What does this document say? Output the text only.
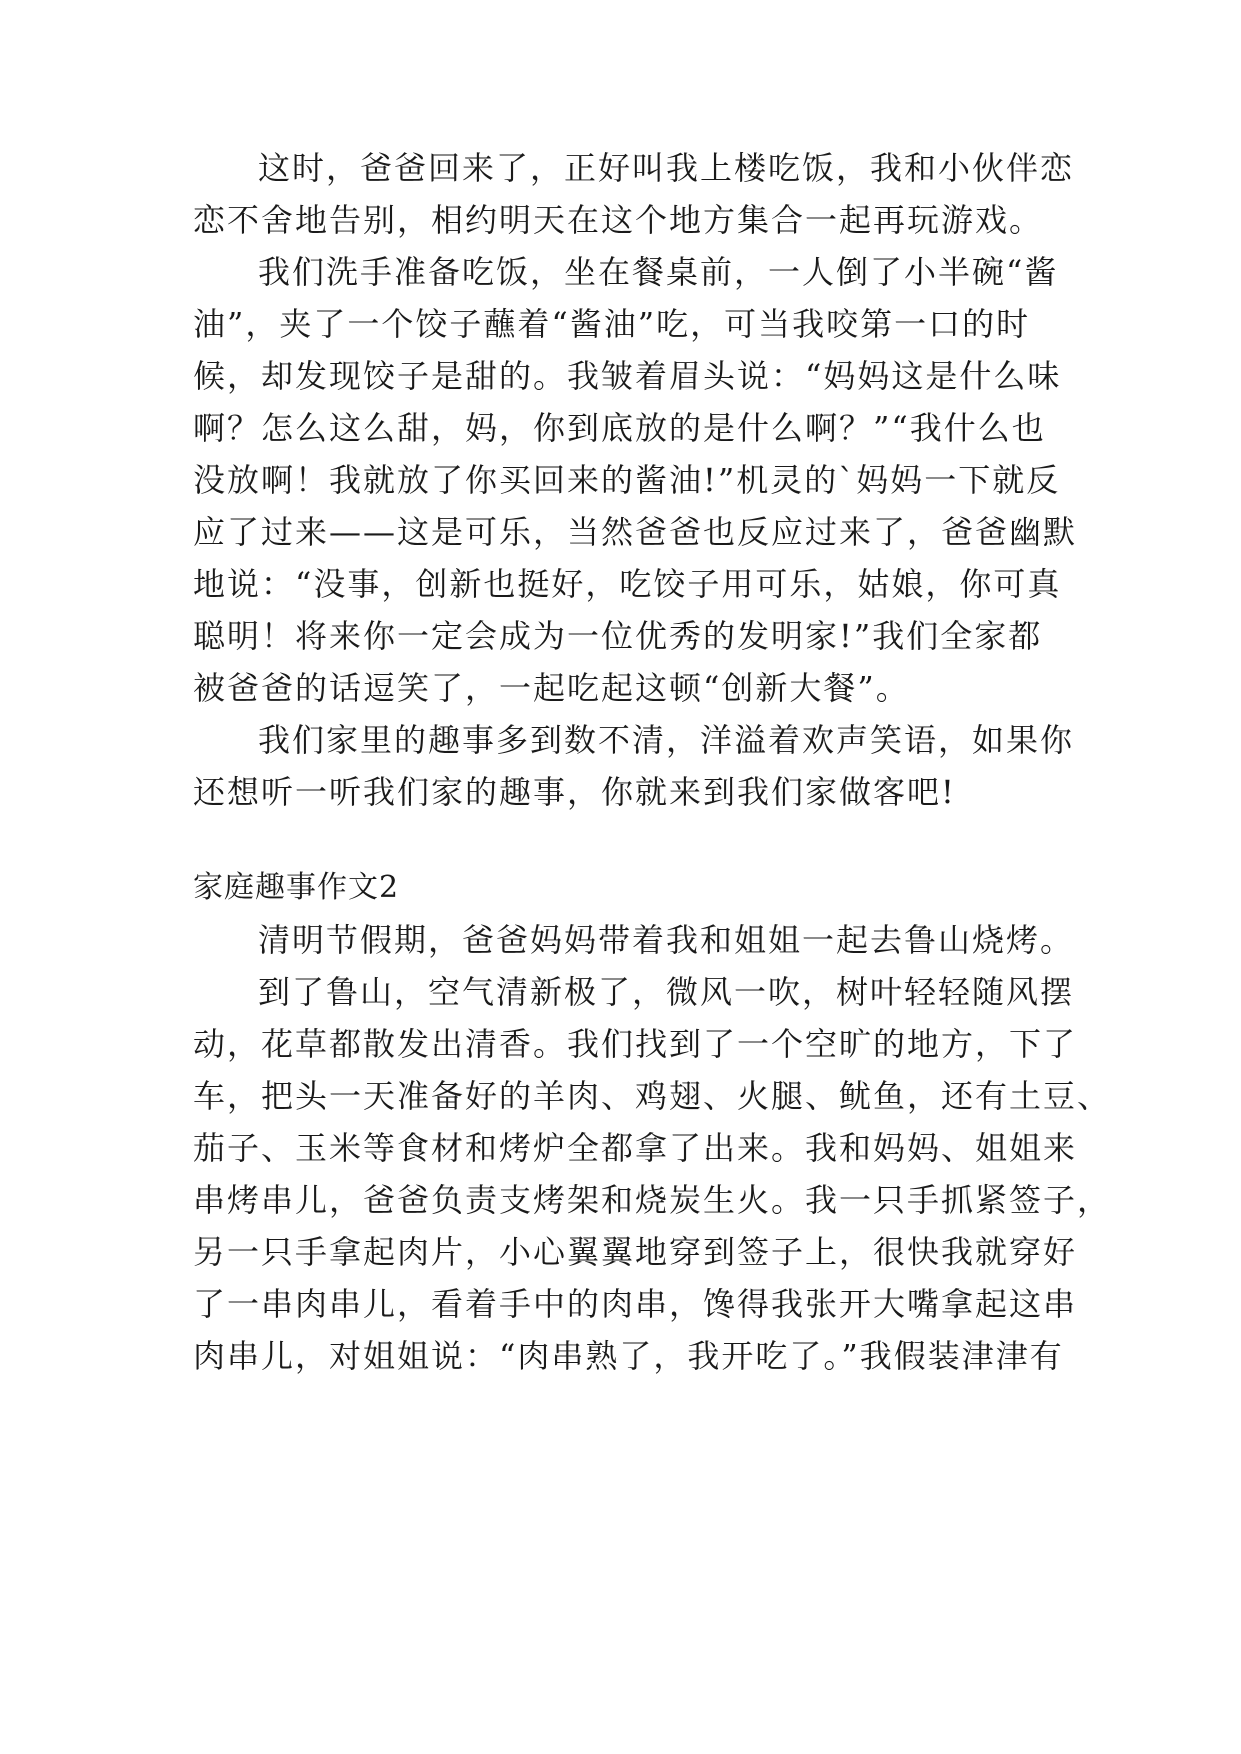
这时，爸爸回来了，正好叫我上楼吃饭，我和小伙伴恋
恋不舍地告别，相约明天在这个地方集合一起再玩游戏。
我们洗手准备吃饭，坐在餐桌前，一人倒了小半碗“酱
油”，夹了一个饺子蘸着“酱油”吃，可当我咬第一口的时
候，却发现饺子是甜的。我皱着眉头说：“妈妈这是什么味
啊？怎么这么甜，妈，你到底放的是什么啊？”“我什么也
没放啊！我就放了你买回来的酱油!”机灵的`妈妈一下就反
应了过来——这是可乐，当然爸爸也反应过来了，爸爸幽默
地说：“没事，创新也挺好，吃饺子用可乐，姑娘，你可真
聪明！将来你一定会成为一位优秀的发明家!”我们全家都
被爸爸的话逗笑了，一起吃起这顿“创新大餐”。
我们家里的趣事多到数不清，洋溢着欢声笑语，如果你
还想听一听我们家的趣事，你就来到我们家做客吧!
家庭趣事作文2
清明节假期，爸爸妈妈带着我和姐姐一起去鲁山烧烤。
到了鲁山，空气清新极了，微风一吹，树叶轻轻随风摆
动，花草都散发出清香。我们找到了一个空旷的地方，下了
车，把头一天准备好的羊肉、鸡翅、火腿、鱿鱼，还有土豆、
茄子、玉米等食材和烤炉全都拿了出来。我和妈妈、姐姐来
串烤串儿，爸爸负责支烤架和烧炭生火。我一只手抓紧签子，
另一只手拿起肉片，小心翼翼地穿到签子上，很快我就穿好
了一串肉串儿，看着手中的肉串，馋得我张开大嘴拿起这串
肉串儿，对姐姐说：“肉串熟了，我开吃了。”我假装津津有
